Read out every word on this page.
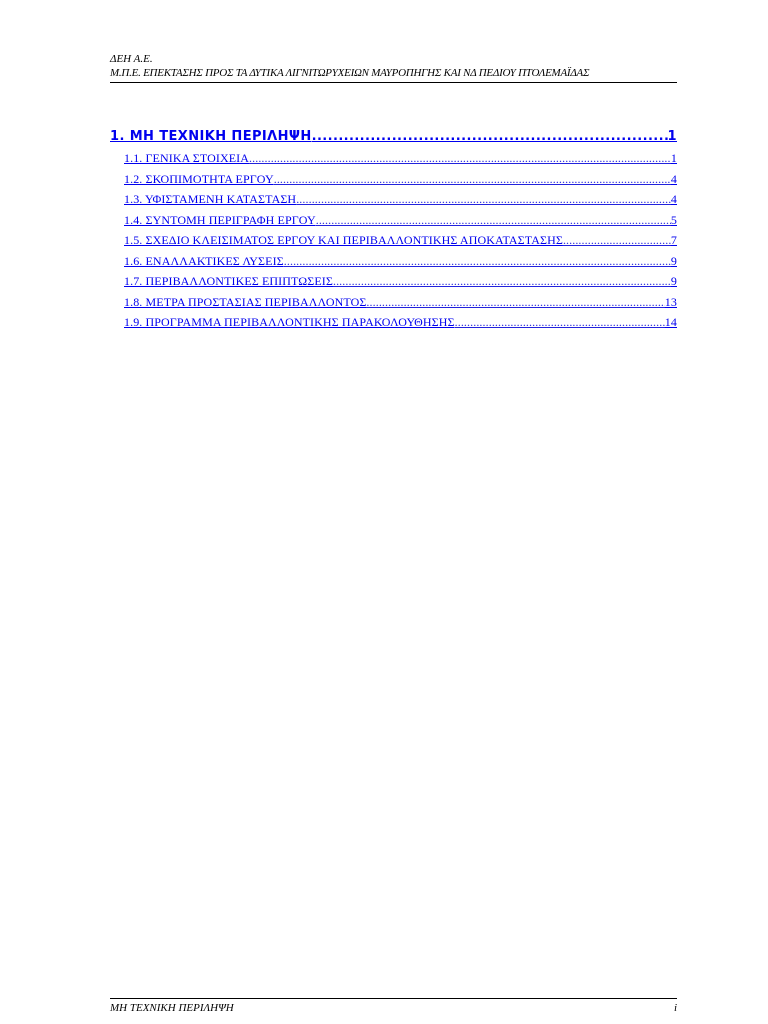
ΔΕΗ Α.Ε.
Μ.Π.Ε. ΕΠΕΚΤΑΣΗΣ ΠΡΟΣ ΤΑ ΔΥΤΙΚΑ ΛΙΓΝΙΤΩΡΥΧΕΙΩΝ ΜΑΥΡΟΠΗΓΗΣ ΚΑΙ ΝΔ ΠΕΔΙΟΥ ΠΤΟΛΕΜΑΪΔΑΣ
1. ΜΗ ΤΕΧΝΙΚΗ ΠΕΡΙΛΗΨΗ .....	1
1.1. ΓΕΝΙΚΑ ΣΤΟΙΧΕΙΑ .....	1
1.2. ΣΚΟΠΙΜΟΤΗΤΑ ΕΡΓΟΥ .....	4
1.3. ΥΦΙΣΤΑΜΕΝΗ ΚΑΤΑΣΤΑΣΗ .....	4
1.4. ΣΥΝΤΟΜΗ ΠΕΡΙΓΡΑΦΗ ΕΡΓΟΥ .....	5
1.5. ΣΧΕΔΙΟ ΚΛΕΙΣΙΜΑΤΟΣ ΕΡΓΟΥ ΚΑΙ ΠΕΡΙΒΑΛΛΟΝΤΙΚΗΣ ΑΠΟΚΑΤΑΣΤΑΣΗΣ .....	7
1.6. ΕΝΑΛΛΑΚΤΙΚΕΣ ΛΥΣΕΙΣ .....	9
1.7. ΠΕΡΙΒΑΛΛΟΝΤΙΚΕΣ ΕΠΙΠΤΩΣΕΙΣ .....	9
1.8. ΜΕΤΡΑ ΠΡΟΣΤΑΣΙΑΣ ΠΕΡΙΒΑΛΛΟΝΤΟΣ .....	13
1.9. ΠΡΟΓΡΑΜΜΑ ΠΕΡΙΒΑΛΛΟΝΤΙΚΗΣ ΠΑΡΑΚΟΛΟΥΘΗΣΗΣ .....	14
ΜΗ ΤΕΧΝΙΚΗ ΠΕΡΙΛΗΨΗ	i
